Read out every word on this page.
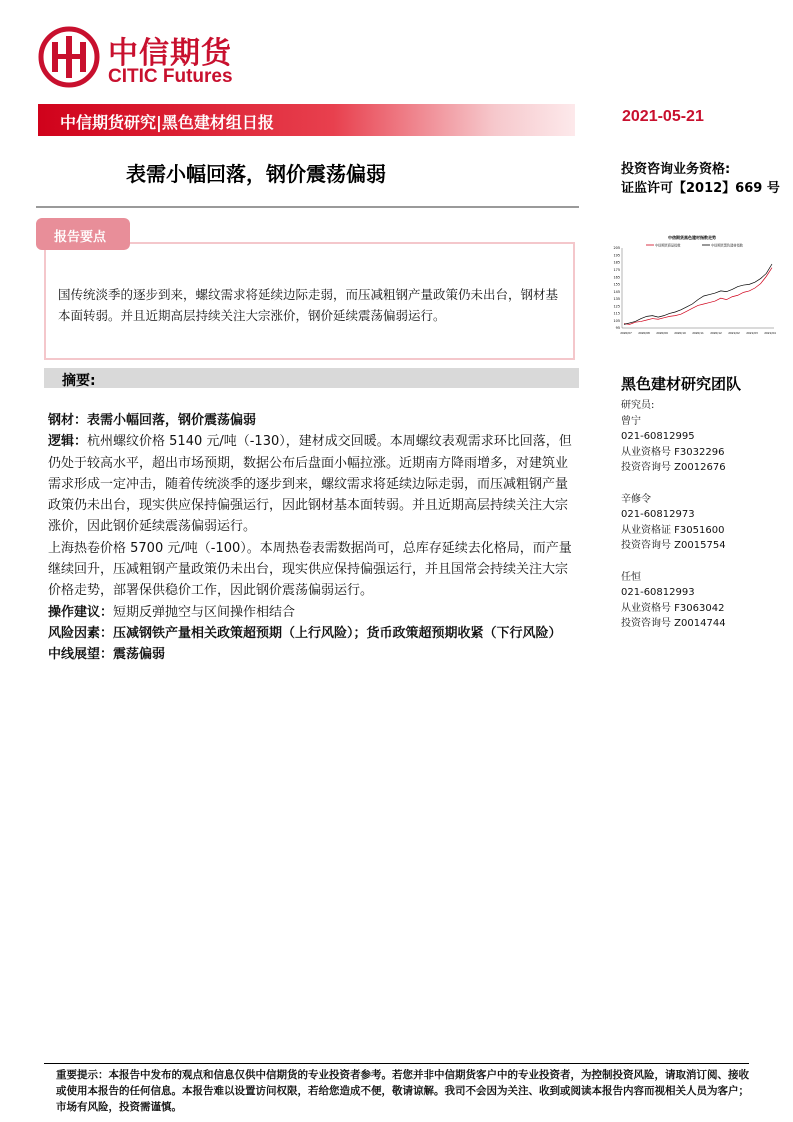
中信期货
CITIC Futures
中信期货研究|黑色建材组日报	2021-05-21
表需小幅回落，钢价震荡偏弱	投资咨询业务资格:
证监许可【2012】669 号
国传统淡季的逐步到来，螺纹需求将延续边际走弱，而压减粗钢产量政策仍未出台，钢材基本面转弱。并且近期高层持续关注大宗涨价，钢价延续震荡偏弱运行。
报告要点	中信期货黑色建材指数走势
中信期货商品指数	中信期货黑色建材指数
205
195
185
175
165
155
145
135
125
115
105
95
2020/07 2020/08 2020/09 2020/10 2020/11 2020/12 2021/02 2021/03 2021/04
摘要:

钢材：表需小幅回落，钢价震荡偏弱

逻辑：杭州螺纹价格 5140 元/吨（-130），建材成交回暖。本周螺纹表观需求环比回落，但仍处于较高水平，超出市场预期，数据公布后盘面小幅拉涨。近期南方降雨增多，对建筑业需求形成一定冲击，随着传统淡季的逐步到来，螺纹需求将延续边际走弱，而压减粗钢产量政策仍未出台，现实供应保持偏强运行，因此钢材基本面转弱。并且近期高层持续关注大宗涨价，因此钢价延续震荡偏弱运行。

上海热卷价格 5700 元/吨（-100）。本周热卷表需数据尚可，总库存延续去化格局，而产量继续回升，压减粗钢产量政策仍未出台，现实供应保持偏强运行，并且国常会持续关注大宗价格走势，部署保供稳价工作，因此钢价震荡偏弱运行。

操作建议：短期反弹抛空与区间操作相结合

风险因素：压减钢铁产量相关政策超预期（上行风险）；货币政策超预期收紧（下行风险）

中线展望：震荡偏弱

黑色建材研究团队
研究员:
曾宁
021-60812995
从业资格号 F3032296
投资咨询号 Z0012676
辛修令
021-60812973
从业资格证 F3051600
投资咨询号 Z0015754
任恒
021-60812993
从业资格号 F3063042
投资咨询号 Z0014744
重要提示：本报告中发布的观点和信息仅供中信期货的专业投资者参考。若您并非中信期货客户中的专业投资者，为控制投资风险，请取消订阅、接收或使用本报告的任何信息。本报告难以设置访问权限，若给您造成不便，敬请谅解。我司不会因为关注、收到或阅读本报告内容而视相关人员为客户；市场有风险，投资需谨慎。
